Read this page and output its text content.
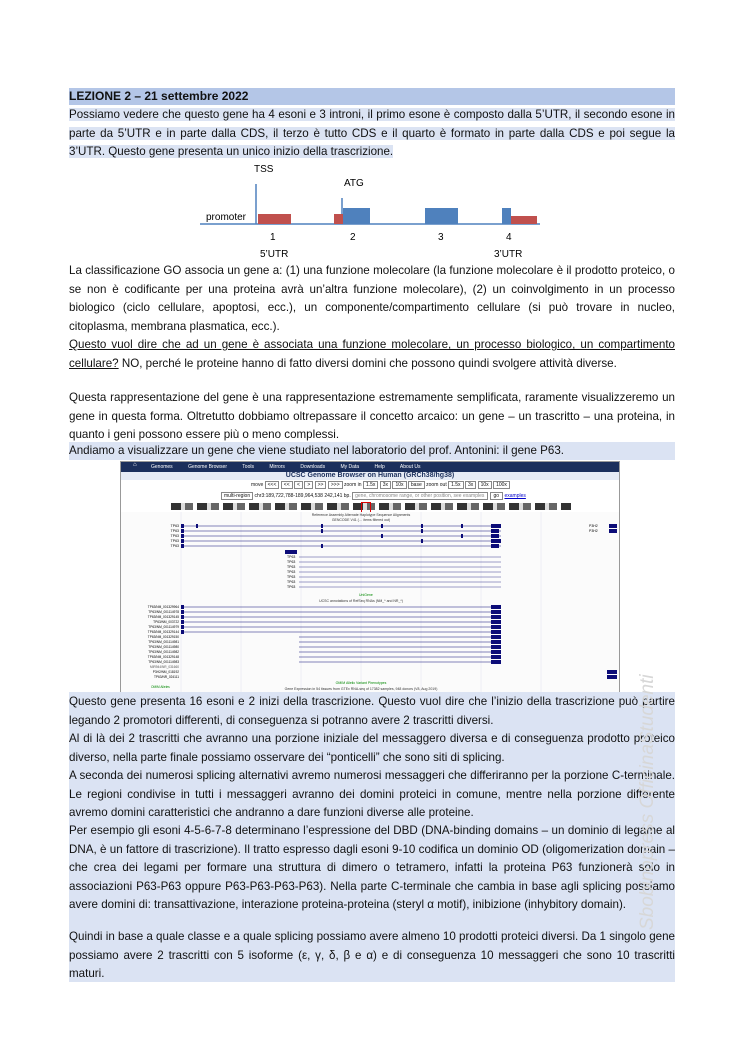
LEZIONE 2 – 21 settembre 2022
Possiamo vedere che questo gene ha 4 esoni e 3 introni, il primo esone è composto dalla 5’UTR, il secondo esone in parte da 5’UTR e in parte dalla CDS, il terzo è tutto CDS e il quarto è formato in parte dalla CDS e poi segue la 3’UTR. Questo gene presenta un unico inizio della trascrizione.
TSS
ATG
promoter
1	2	3	4
5’UTR	3’UTR
La classificazione GO associa un gene a: (1) una funzione molecolare (la funzione molecolare è il prodotto proteico, o se non è codificante per una proteina avrà un’altra funzione molecolare), (2) un coinvolgimento in un processo biologico (ciclo cellulare, apoptosi, ecc.), un componente/compartimento cellulare (si può trovare in nucleo, citoplasma, membrana plasmatica, ecc.).
Questo vuol dire che ad un gene è associata una funzione molecolare, un processo biologico, un compartimento cellulare? NO, perché le proteine hanno di fatto diversi domini che possono quindi svolgere attività diverse.
Questa rappresentazione del gene è una rappresentazione estremamente semplificata, raramente visualizzeremo un gene in questa forma. Oltretutto dobbiamo oltrepassare il concetto arcaico: un gene – un trascritto – una proteina, in quanto i geni possono essere più o meno complessi.
Andiamo a visualizzare un gene che viene studiato nel laboratorio del prof. Antonini: il gene P63.
⌂	Genomes	Genome Browser	Tools	Mirrors	Downloads	My Data	Help	About Us
UCSC Genome Browser on Human (GRCh38/hg38)
move <<< << < > >> >>> zoom in 1.5x 3x 10x base zoom out 1.5x 3x 10x 100x
multi-region chr3:189,722,788-189,964,538 242,141 bp. gene, chromosome range, or other position, see examples go examples
Reference Assembly Alternate Haplotype Sequence Alignments
GENCODE V41 (… items filtered out)
TP63
TP63
TP63
TP63
TP63
P3H2
P3H2
TP63
TP63
TP63
TP63
TP63
TP63
TP63
UniGene
UCSC annotations of RefSeq RNAs (NM_* and NR_*)
TP63/NM_001329964
TP63/NM_001114978
TP63/NM_001329145
TP63/NM_003722
TP63/NM_001114979
TP63/NM_001329144
TP63/NM_001329150
TP63/NM_001114981
TP63/NM_001114980
TP63/NM_001114982
TP63/NM_001329148
TP63/NM_001114983
MIR944/NR_031660
P3H2/NM_018192
TP63/NR_024111
OMIM Allelic Variant Phenotypes
OMIM Alleles	Gene Expression in 54 tissues from GTEx RNA-seq of 17382 samples, 948 donors (V8, Aug 2019)
Questo gene presenta 16 esoni e 2 inizi della trascrizione. Questo vuol dire che l’inizio della trascrizione può partire legando 2 promotori differenti, di conseguenza si potranno avere 2 trascritti diversi.
Al di là dei 2 trascritti che avranno una porzione iniziale del messaggero diversa e di conseguenza prodotto proteico diverso, nella parte finale possiamo osservare dei “ponticelli” che sono siti di splicing.
A seconda dei numerosi splicing alternativi avremo numerosi messaggeri che differiranno per la porzione C-terminale. Le regioni condivise in tutti i messaggeri avranno dei domini proteici in comune, mentre nella porzione differente avremo domini caratteristici che andranno a dare funzioni diverse alle proteine.
Per esempio gli esoni 4-5-6-7-8 determinano l’espressione del DBD (DNA-binding domains – un dominio di legame al DNA, è un fattore di trascrizione). Il tratto espresso dagli esoni 9-10 codifica un dominio OD (oligomerization domain – che crea dei legami per formare una struttura di dimero o tetramero, infatti la proteina P63 funzionerà solo in associazioni P63-P63 oppure P63-P63-P63-P63). Nella parte C-terminale che cambia in base agli splicing possiamo avere domini di: transattivazione, interazione proteina-proteina (steryl α motif), inibizione (inhybitory domain).
Quindi in base a quale classe e a quale splicing possiamo avere almeno 10 prodotti proteici diversi. Da 1 singolo gene possiamo avere 2 trascritti con 5 isoforme (ε, γ, δ, β e α) e di conseguenza 10 messaggeri che sono 10 trascritti maturi.
Sbobinopress OfficinaStudenti
